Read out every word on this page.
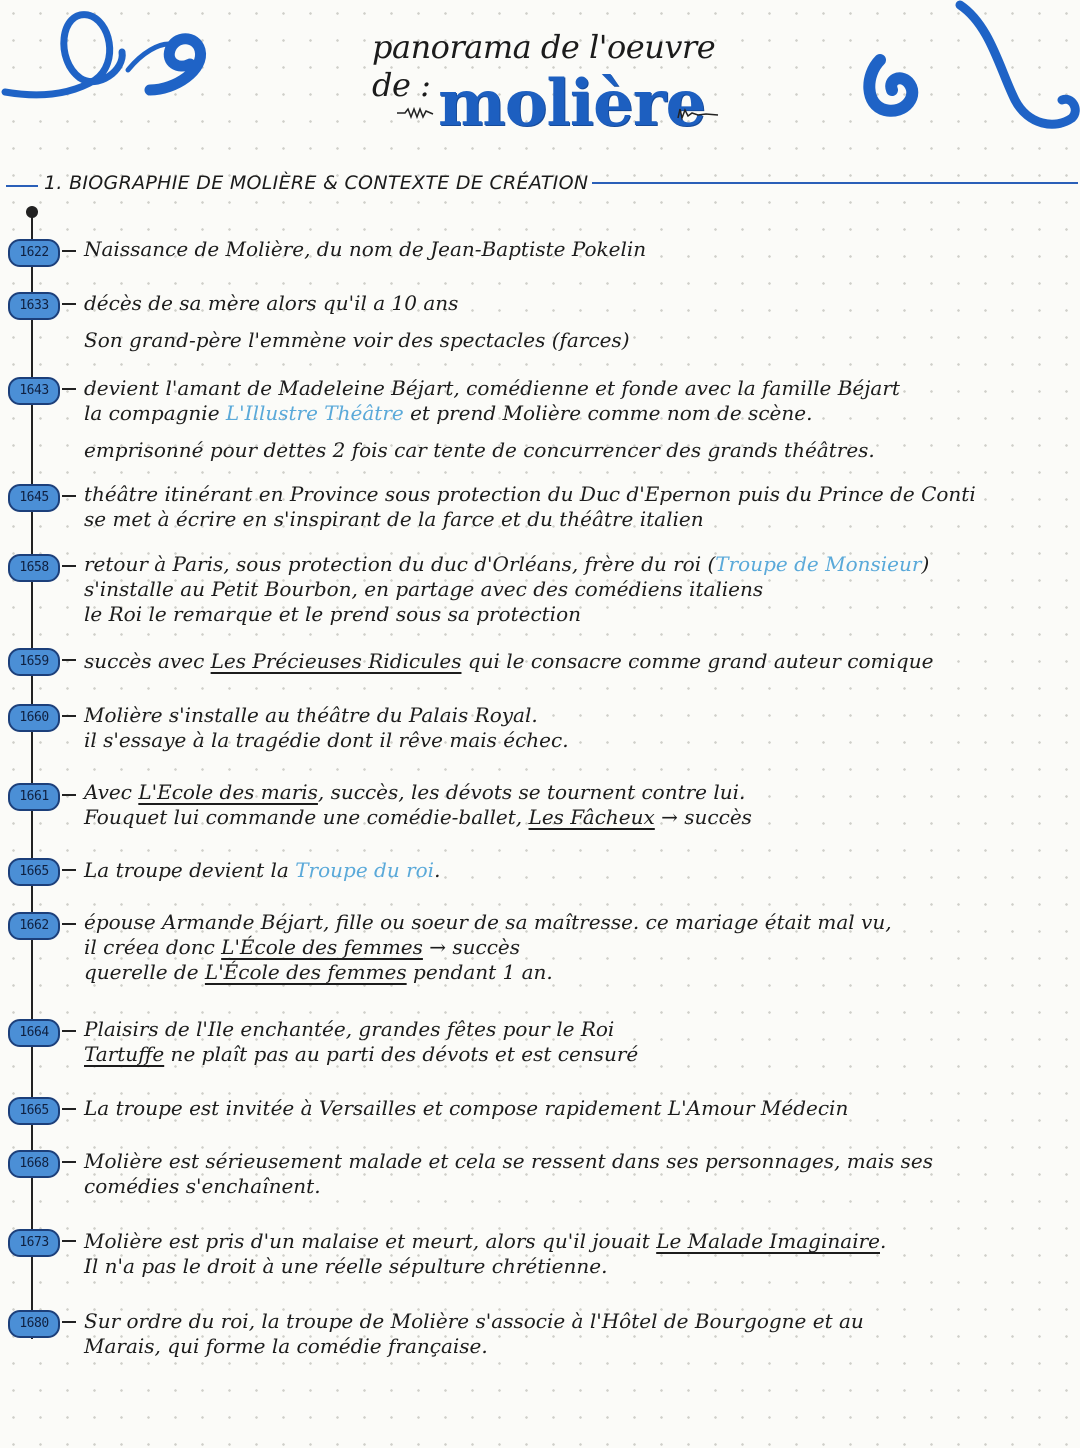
panorama de l'oeuvre de : molière
1. BIOGRAPHIE DE MOLIÈRE & CONTEXTE DE CRÉATION
1622	Naissance de Molière, du nom de Jean-Baptiste Pokelin
1633	décès de sa mère alors qu'il a 10 ans
Son grand-père l'emmène voir des spectacles (farces)
1643	devient l'amant de Madeleine Béjart, comédienne et fonde avec la famille Béjart
la compagnie L'Illustre Théâtre et prend Molière comme nom de scène.
emprisonné pour dettes 2 fois car tente de concurrencer des grands théâtres.
1645	théâtre itinérant en Province sous protection du Duc d'Epernon puis du Prince de Conti
se met à écrire en s'inspirant de la farce et du théâtre italien
1658	retour à Paris, sous protection du duc d'Orléans, frère du roi (Troupe de Monsieur)
s'installe au Petit Bourbon, en partage avec des comédiens italiens
le Roi le remarque et le prend sous sa protection
1659	succès avec Les Précieuses Ridicules qui le consacre comme grand auteur comique
1660	Molière s'installe au théâtre du Palais Royal.
il s'essaye à la tragédie dont il rêve mais échec.
1661	Avec L'Ecole des maris, succès, les dévots se tournent contre lui.
Fouquet lui commande une comédie-ballet, Les Fâcheux → succès
1665	La troupe devient la Troupe du roi.
1662	épouse Armande Béjart, fille ou soeur de sa maîtresse. ce mariage était mal vu,
il créea donc L'École des femmes → succès
querelle de L'École des femmes pendant 1 an.
1664	Plaisirs de l'Ile enchantée, grandes fêtes pour le Roi
Tartuffe ne plaît pas au parti des dévots et est censuré
1665	La troupe est invitée à Versailles et compose rapidement L'Amour Médecin
1668	Molière est sérieusement malade et cela se ressent dans ses personnages, mais ses
comédies s'enchaînent.
1673	Molière est pris d'un malaise et meurt, alors qu'il jouait Le Malade Imaginaire.
Il n'a pas le droit à une réelle sépulture chrétienne.
1680	Sur ordre du roi, la troupe de Molière s'associe à l'Hôtel de Bourgogne et au
Marais, qui forme la comédie française.
